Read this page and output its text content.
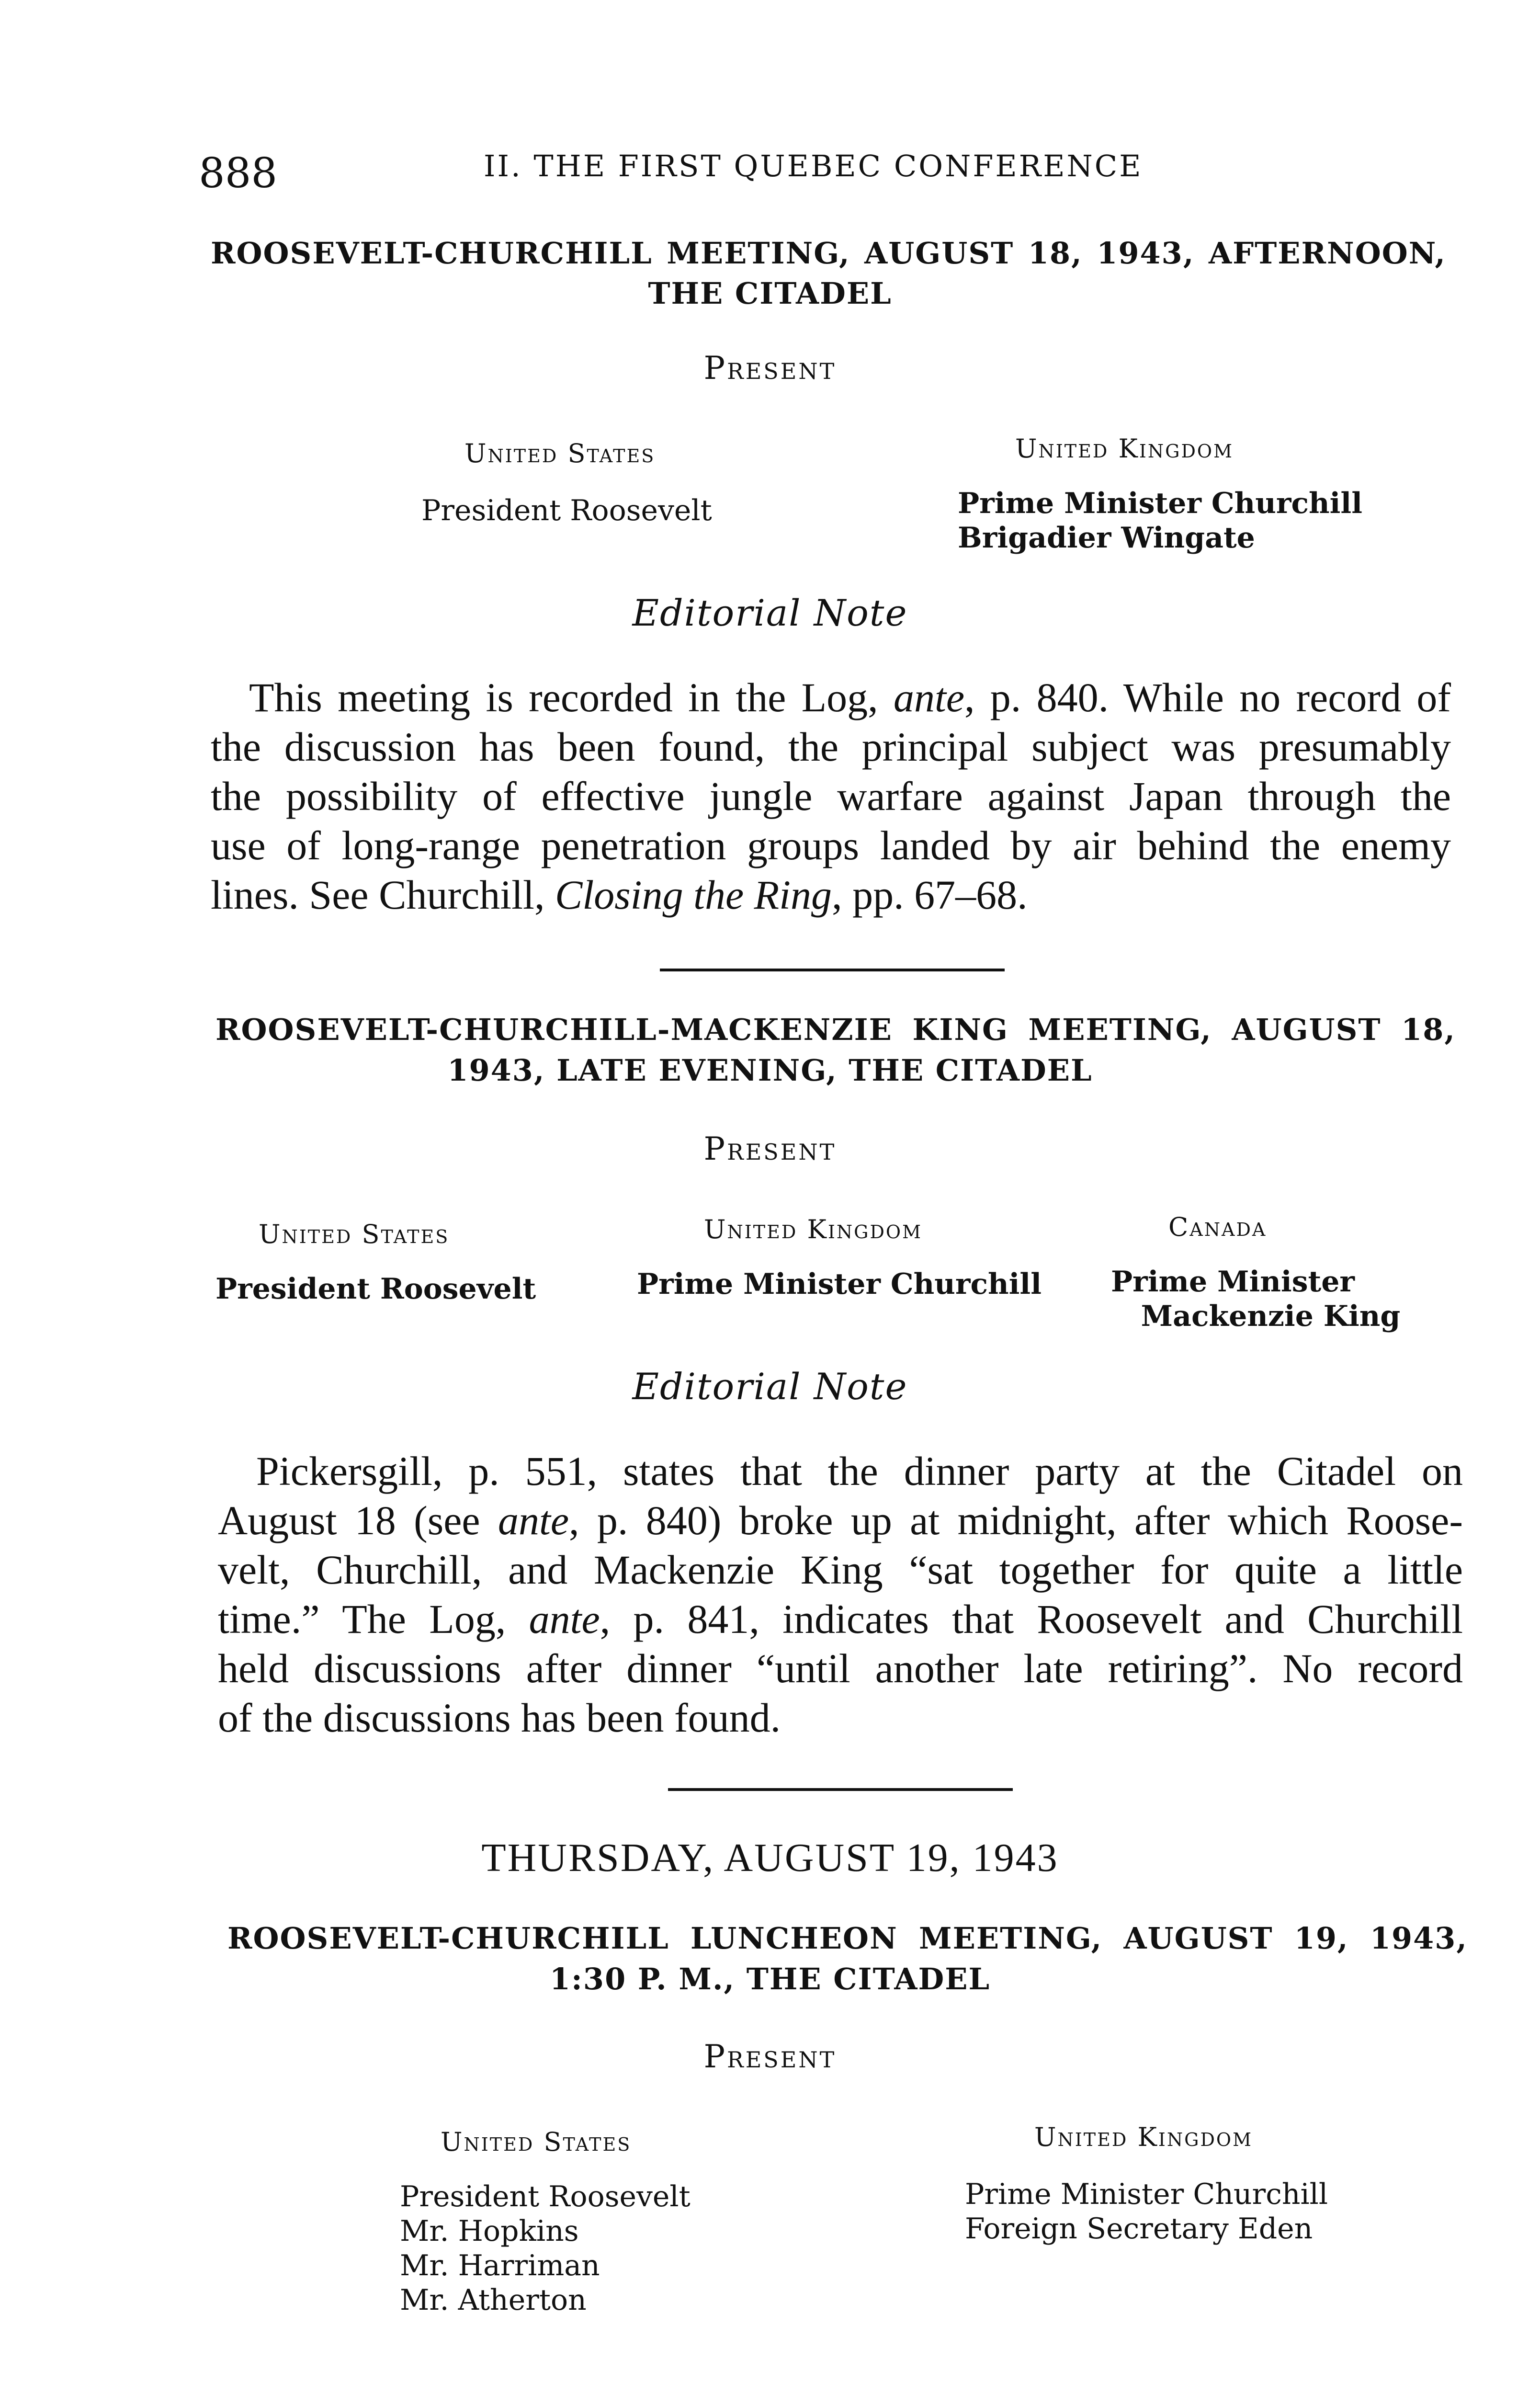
888	II. THE FIRST QUEBEC CONFERENCE
ROOSEVELT-CHURCHILL MEETING, AUGUST 18, 1943, AFTERNOON,
THE CITADEL
Present
United States
President Roosevelt
United Kingdom
Prime Minister Churchill
Brigadier Wingate
Editorial Note
This meeting is recorded in the Log, ante, p. 840. While no record of
the discussion has been found, the principal subject was presumably
the possibility of effective jungle warfare against Japan through the
use of long-range penetration groups landed by air behind the enemy
lines. See Churchill, Closing the Ring, pp. 67–68.
ROOSEVELT-CHURCHILL-MACKENZIE KING MEETING, AUGUST 18,
1943, LATE EVENING, THE CITADEL
Present
United States
President Roosevelt
United Kingdom
Prime Minister Churchill
Canada
Prime Minister
Mackenzie King
Editorial Note
Pickersgill, p. 551, states that the dinner party at the Citadel on
August 18 (see ante, p. 840) broke up at midnight, after which Roose-
velt, Churchill, and Mackenzie King “sat together for quite a little
time.” The Log, ante, p. 841, indicates that Roosevelt and Churchill
held discussions after dinner “until another late retiring”. No record
of the discussions has been found.
THURSDAY, AUGUST 19, 1943
ROOSEVELT-CHURCHILL LUNCHEON MEETING, AUGUST 19, 1943,
1:30 P. M., THE CITADEL
Present
United States
President Roosevelt
Mr. Hopkins
Mr. Harriman
Mr. Atherton
United Kingdom
Prime Minister Churchill
Foreign Secretary Eden
